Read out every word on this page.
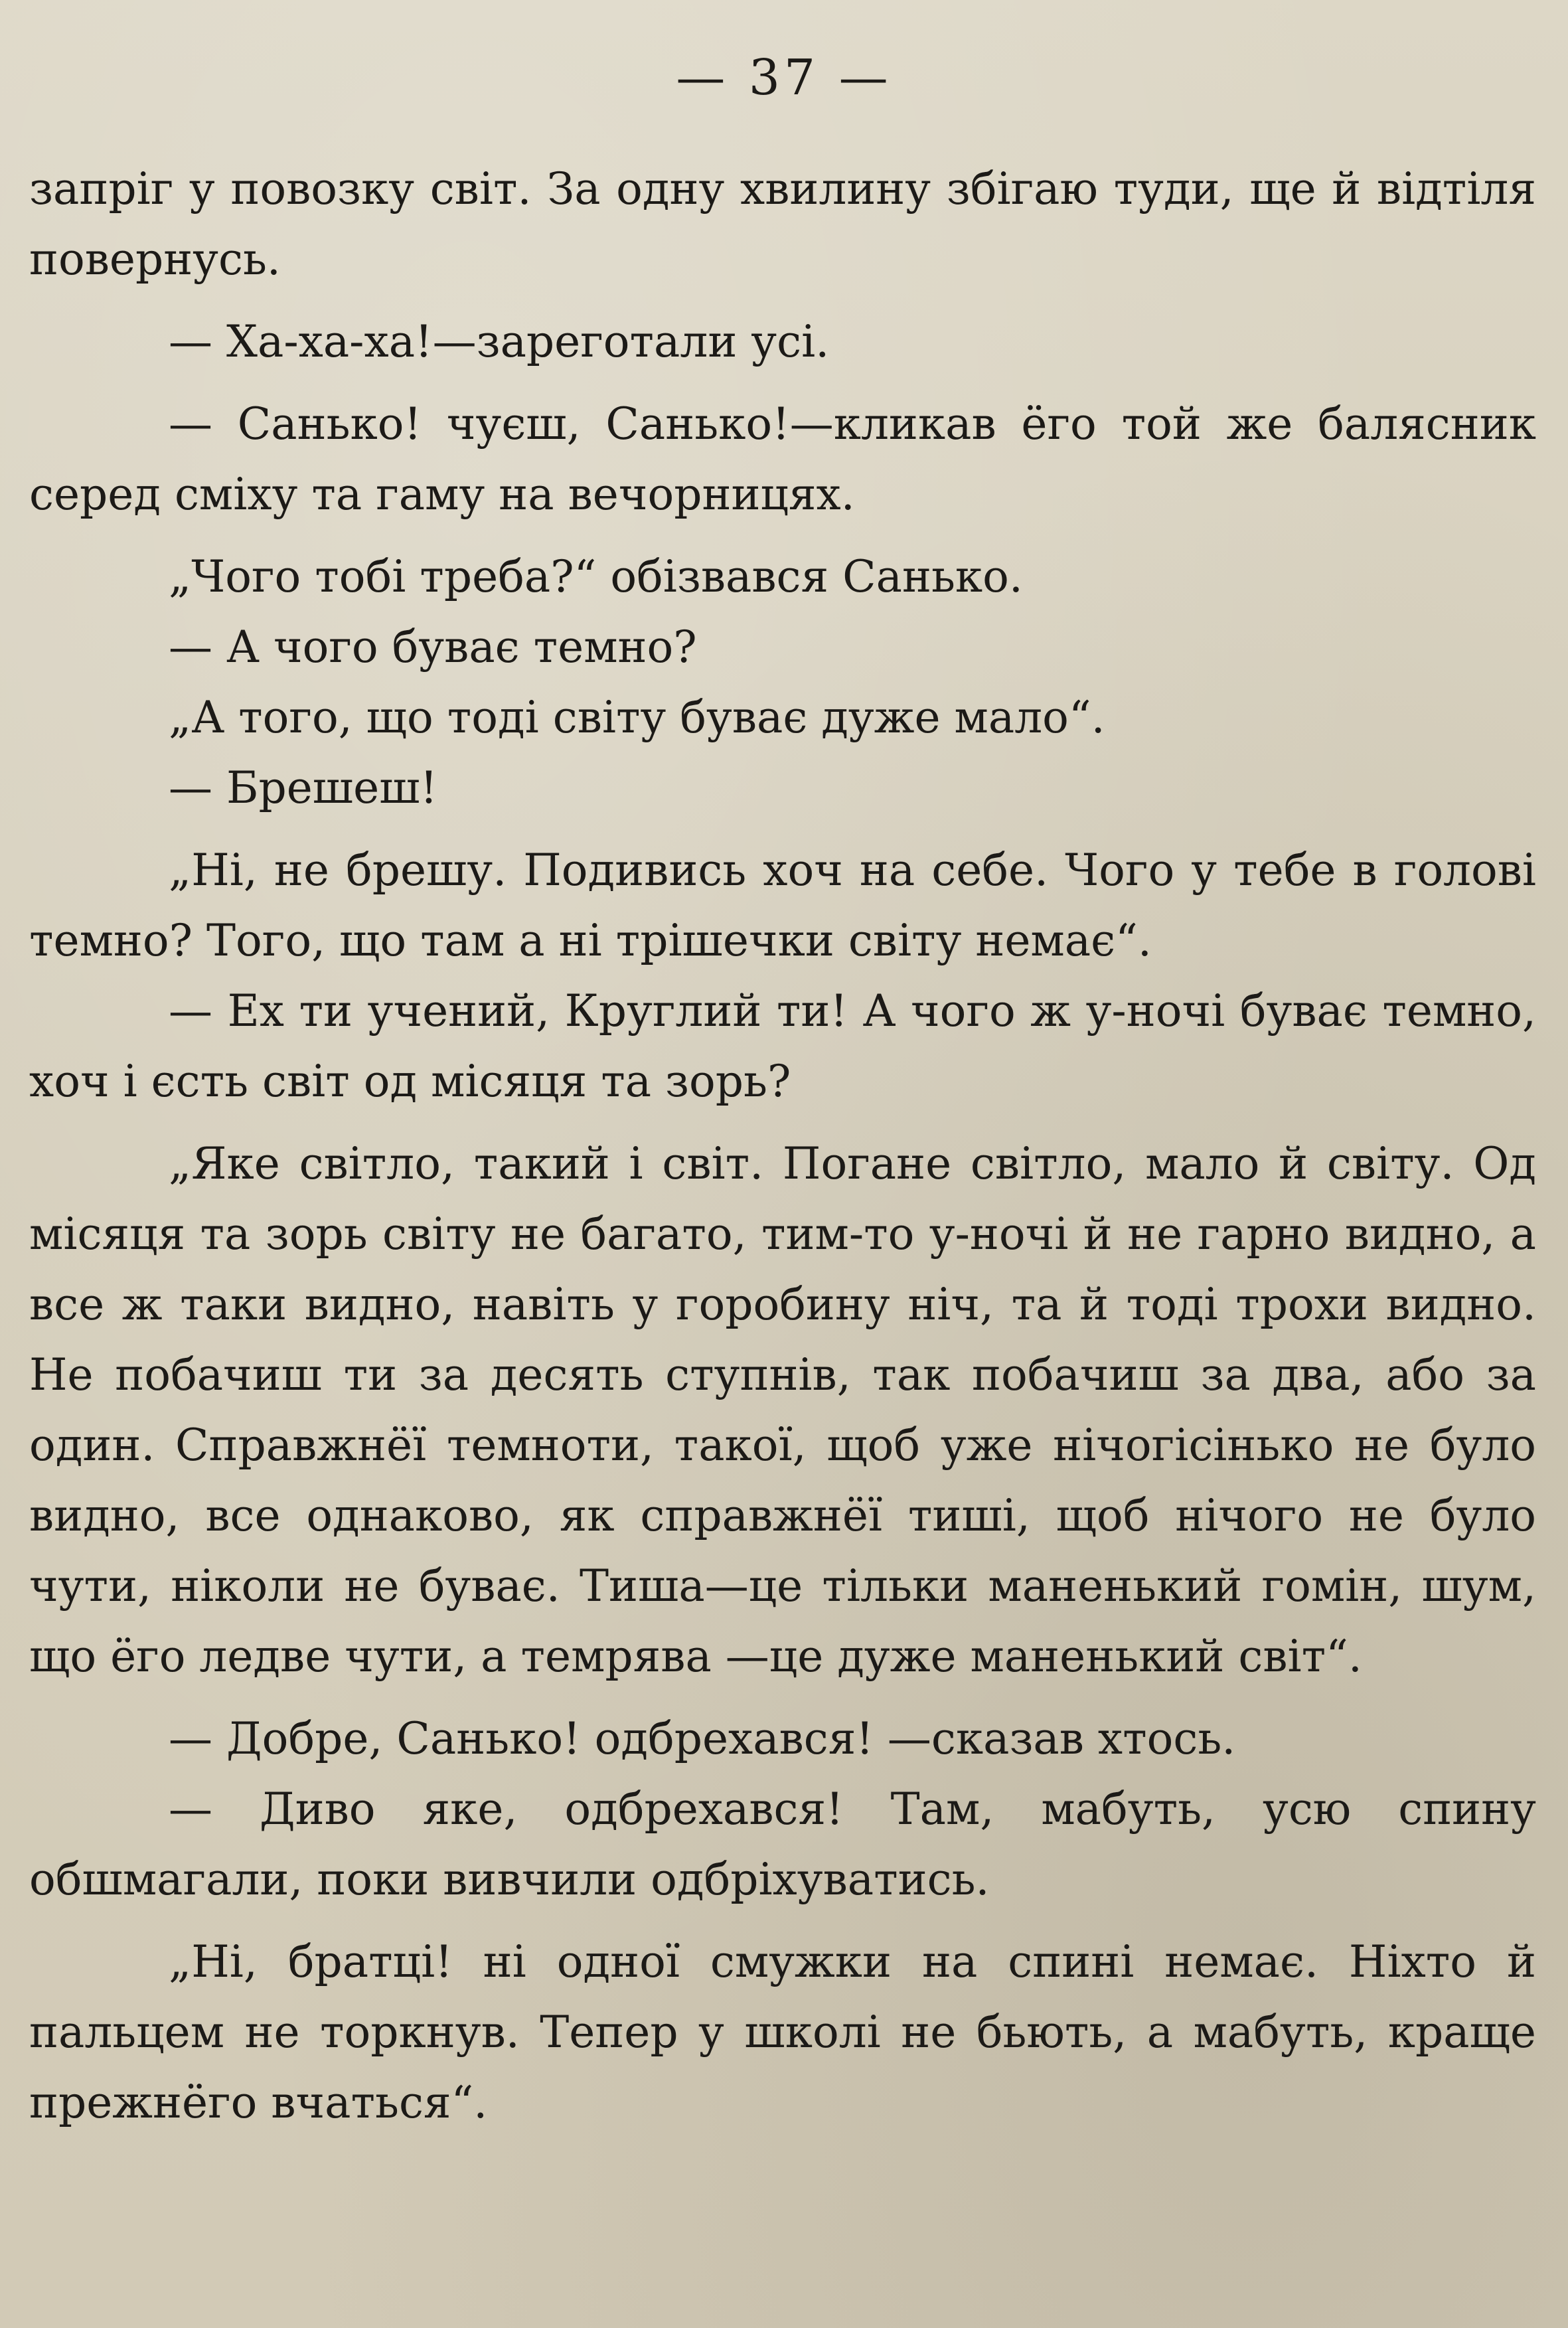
— 37 —

запріг у повозку світ. За одну хвилину збігаю туди, ще й відтіля повернусь.

— Ха-ха-ха!—зареготали усі.

— Санько! чуєш, Санько!—кликав ёго той же балясник серед сміху та гаму на вечорницях.

„Чого тобі треба?“ обізвався Санько.

— А чого буває темно?

„А того, що тоді світу буває дуже мало“.

— Брешеш!

„Ні, не брешу. Подивись хоч на себе. Чого у тебе в голові темно? Того, що там а ні трішечки світу немає“.

— Ех ти учений, Круглий ти! А чого ж у-ночі буває темно, хоч і єсть світ од місяця та зорь?

„Яке світло, такий і світ. Погане світло, мало й світу. Од місяця та зорь світу не багато, тим-то у-ночі й не гарно видно, а все ж таки видно, навіть у горобину ніч, та й тоді трохи видно. Не побачиш ти за десять ступнів, так побачиш за два, або за один. Справжнёї темноти, такої, щоб уже нічогісінько не було видно, все однаково, як справжнёї тиші, щоб нічого не було чути, ніколи не буває. Тиша—це тільки маненький гомін, шум, що ёго ледве чути, а темрява —це дуже маненький світ“.

— Добре, Санько! одбрехався! —сказав хтось.

— Диво яке, одбрехався! Там, мабуть, усю спину обшмагали, поки вивчили одбріхуватись.

„Ні, братці! ні одної смужки на спині немає. Ніхто й пальцем не торкнув. Тепер у школі не бьють, а мабуть, краще прежнёго вчаться“.
